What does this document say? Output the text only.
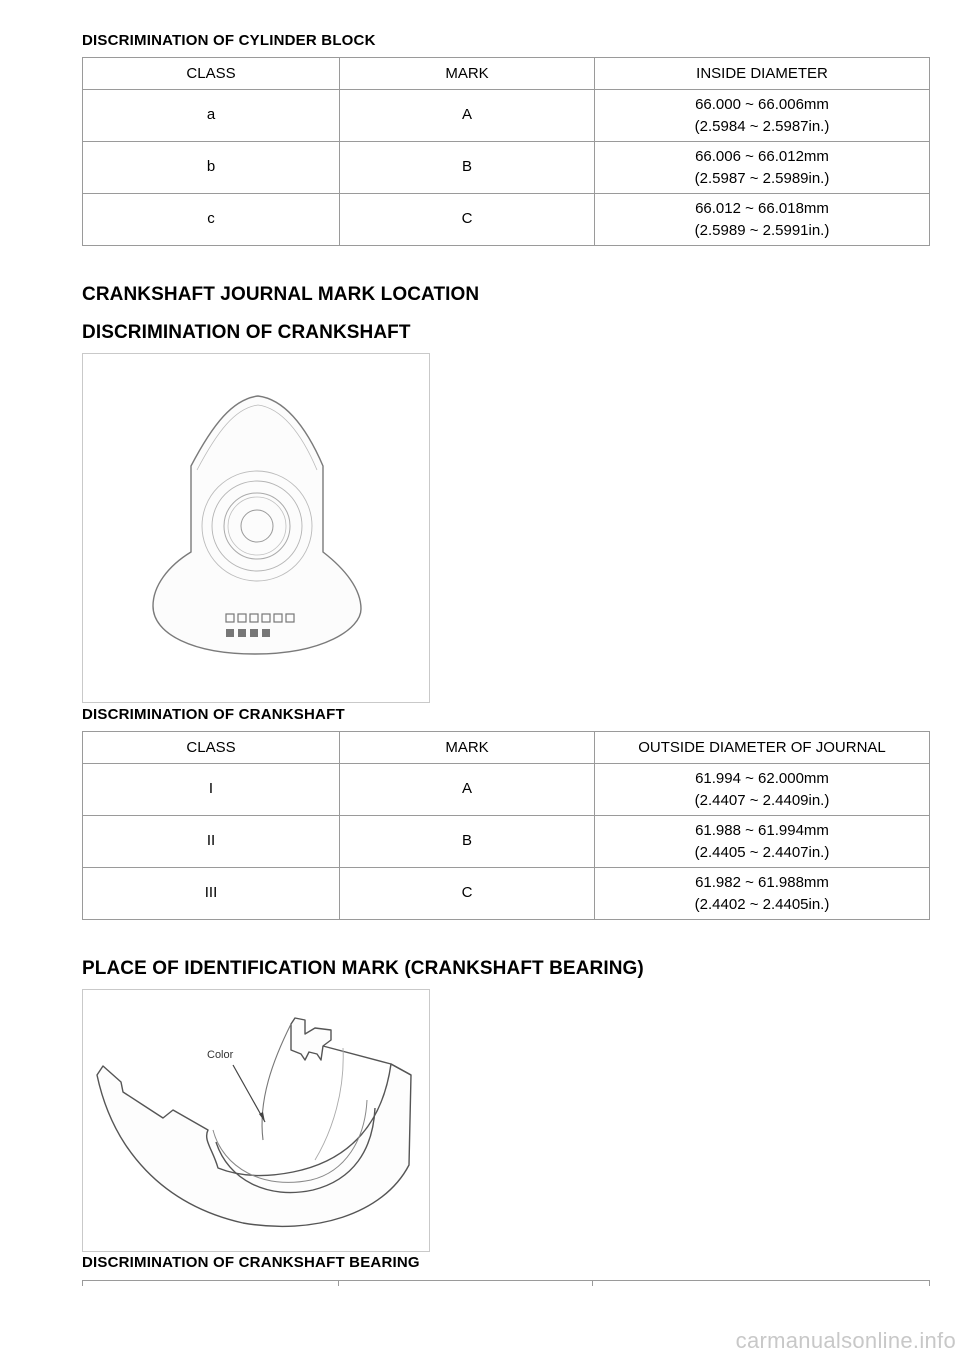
DISCRIMINATION OF CYLINDER BLOCK
CLASS	MARK	INSIDE DIAMETER
a	A	66.000 ~ 66.006mm
(2.5984 ~ 2.5987in.)
b	B	66.006 ~ 66.012mm
(2.5987 ~ 2.5989in.)
c	C	66.012 ~ 66.018mm
(2.5989 ~ 2.5991in.)
CRANKSHAFT JOURNAL MARK LOCATION
DISCRIMINATION OF CRANKSHAFT
DISCRIMINATION OF CRANKSHAFT
CLASS	MARK	OUTSIDE DIAMETER OF JOURNAL
I	A	61.994 ~ 62.000mm
(2.4407 ~ 2.4409in.)
II	B	61.988 ~ 61.994mm
(2.4405 ~ 2.4407in.)
III	C	61.982 ~ 61.988mm
(2.4402 ~ 2.4405in.)
PLACE OF IDENTIFICATION MARK (CRANKSHAFT BEARING)
Color
DISCRIMINATION OF CRANKSHAFT BEARING
carmanualsonline.info
